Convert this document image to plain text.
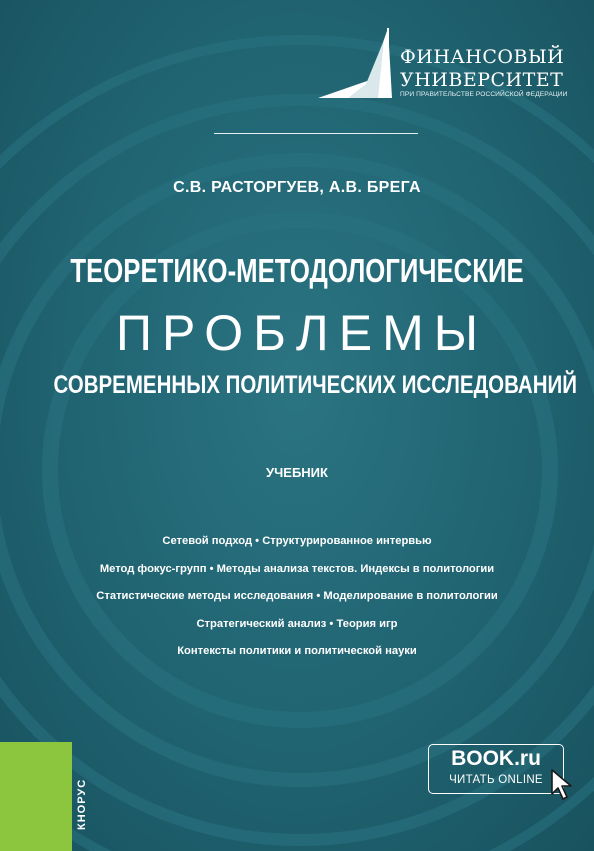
1919
ФИНАНСОВЫЙ
УНИВЕРСИТЕТ
ПРИ ПРАВИТЕЛЬСТВЕ РОССИЙСКОЙ ФЕДЕРАЦИИ
С.В. РАСТОРГУЕВ, А.В. БРЕГА
ТЕОРЕТИКО-МЕТОДОЛОГИЧЕСКИЕ
ПРОБЛЕМЫ
СОВРЕМЕННЫХ ПОЛИТИЧЕСКИХ ИССЛЕДОВАНИЙ
УЧЕБНИК
Сетевой подход • Структурированное интервью
Метод фокус-групп • Методы анализа текстов. Индексы в политологии
Статистические методы исследования • Моделирование в политологии
Стратегический анализ • Теория игр
Контексты политики и политической науки
КНОРУС
BOOK.ru
ЧИТАТЬ ONLINE
